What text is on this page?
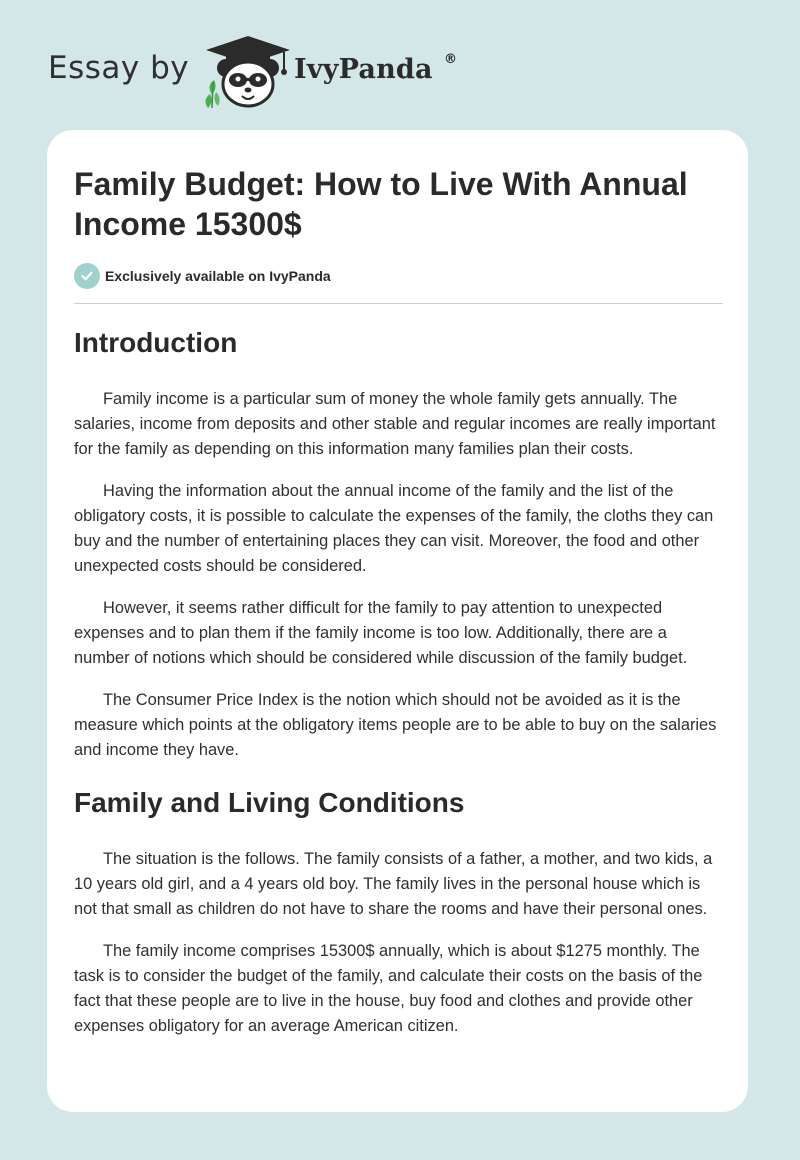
Essay by	IvyPanda ®
Family Budget: How to Live With Annual Income 15300$
Exclusively available on IvyPanda
Introduction

Family income is a particular sum of money the whole family gets annually. The salaries, income from deposits and other stable and regular incomes are really important for the family as depending on this information many families plan their costs.

Having the information about the annual income of the family and the list of the obligatory costs, it is possible to calculate the expenses of the family, the cloths they can buy and the number of entertaining places they can visit. Moreover, the food and other unexpected costs should be considered.

However, it seems rather difficult for the family to pay attention to unexpected expenses and to plan them if the family income is too low. Additionally, there are a number of notions which should be considered while discussion of the family budget.

The Consumer Price Index is the notion which should not be avoided as it is the measure which points at the obligatory items people are to be able to buy on the salaries and income they have.

Family and Living Conditions

The situation is the follows. The family consists of a father, a mother, and two kids, a 10 years old girl, and a 4 years old boy. The family lives in the personal house which is not that small as children do not have to share the rooms and have their personal ones.

The family income comprises 15300$ annually, which is about $1275 monthly. The task is to consider the budget of the family, and calculate their costs on the basis of the fact that these people are to live in the house, buy food and clothes and provide other expenses obligatory for an average American citizen.
